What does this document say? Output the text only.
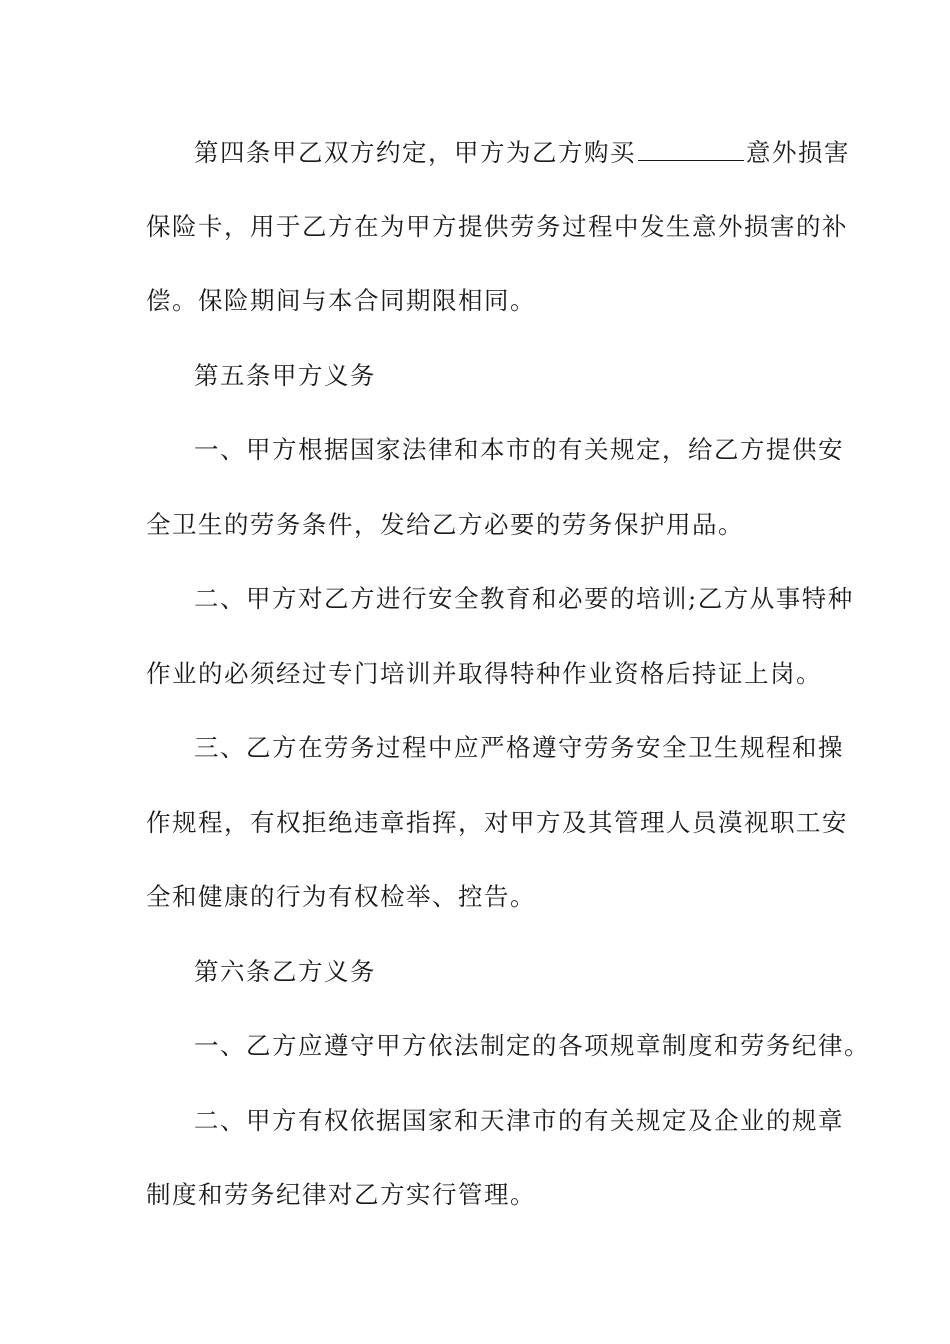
第四条甲乙双方约定，甲方为乙方购买	意外损害
保险卡，用于乙方在为甲方提供劳务过程中发生意外损害的补
偿。保险期间与本合同期限相同。
第五条甲方义务
一、甲方根据国家法律和本市的有关规定，给乙方提供安
全卫生的劳务条件，发给乙方必要的劳务保护用品。
二、甲方对乙方进行安全教育和必要的培训;乙方从事特种
作业的必须经过专门培训并取得特种作业资格后持证上岗。
三、乙方在劳务过程中应严格遵守劳务安全卫生规程和操
作规程，有权拒绝违章指挥，对甲方及其管理人员漠视职工安
全和健康的行为有权检举、控告。
第六条乙方义务
一、乙方应遵守甲方依法制定的各项规章制度和劳务纪律。
二、甲方有权依据国家和天津市的有关规定及企业的规章
制度和劳务纪律对乙方实行管理。
